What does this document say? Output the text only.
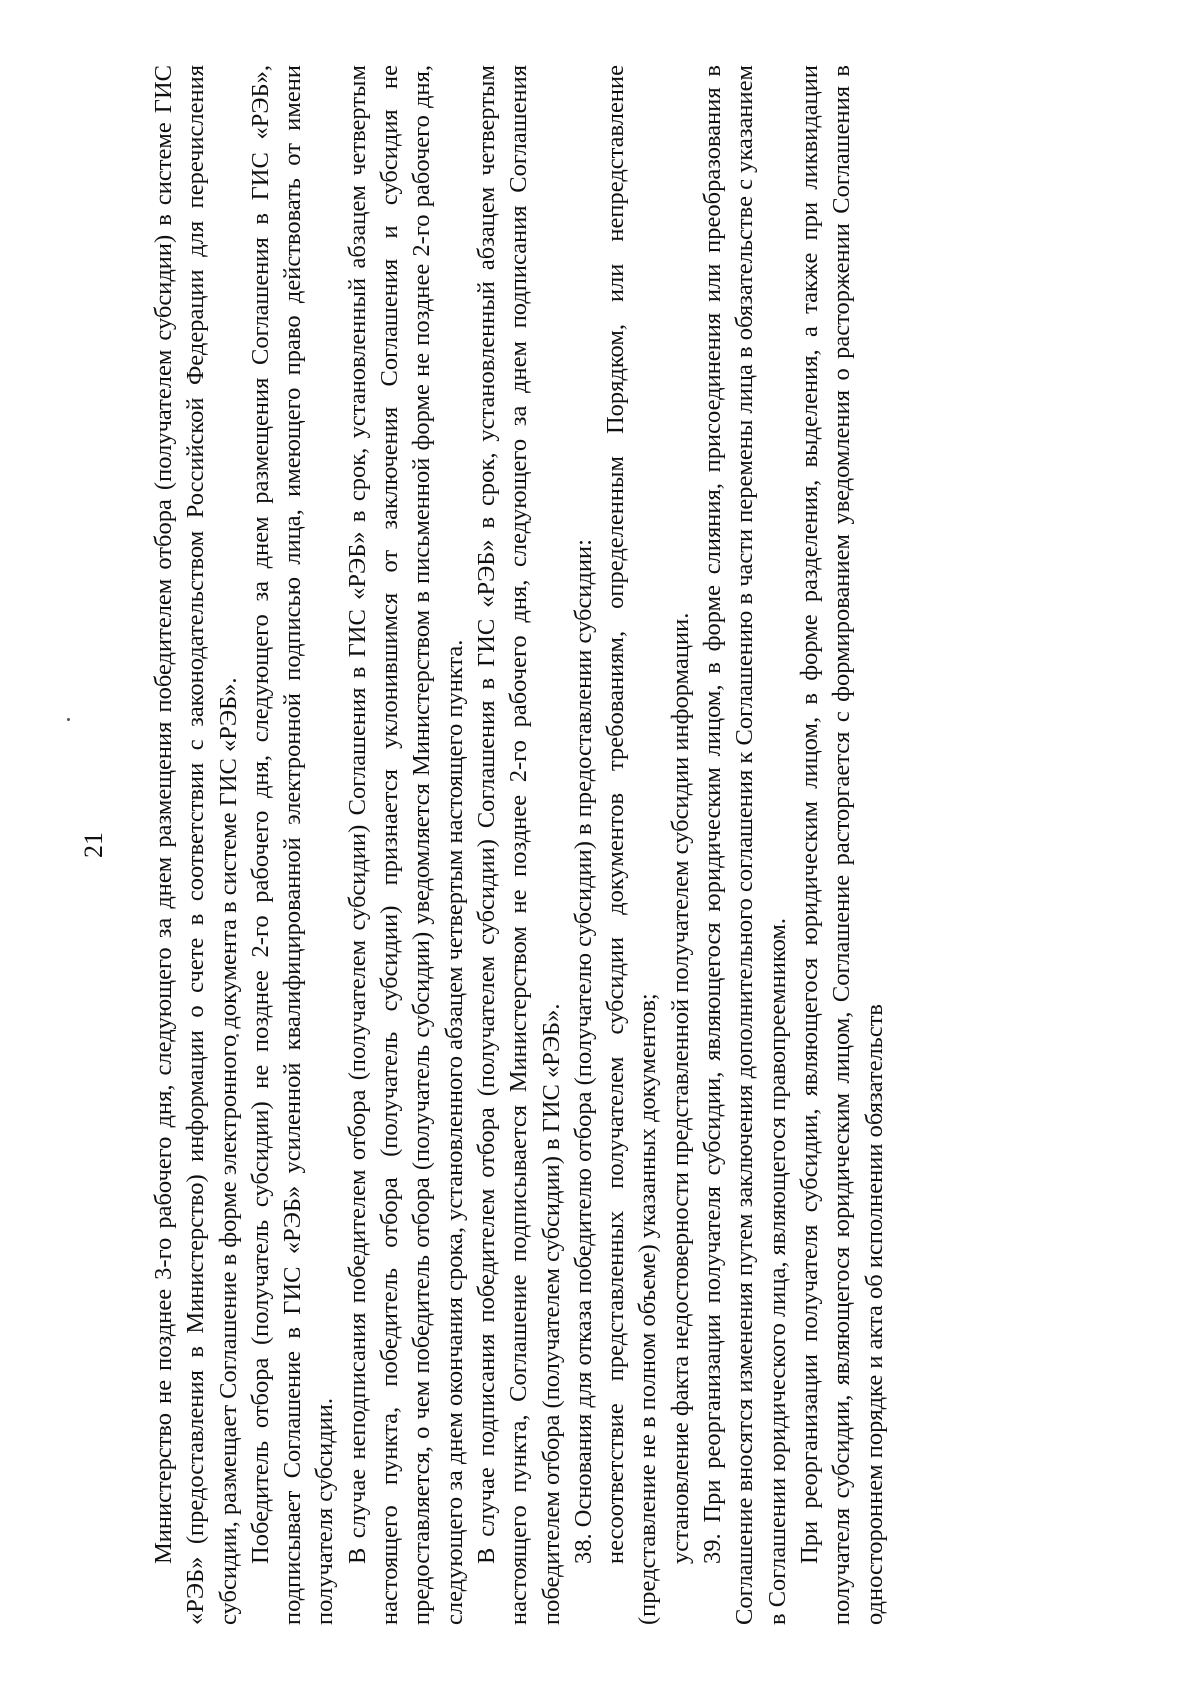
21 Министерство не позднее 3-го рабочего дня, следующего за днем размещения победителем отбора (получателем субсидии) в системе ГИС «РЭБ» (предоставления в Министерство) информации о счете в соответствии с законодательством Российской Федерации для перечисления субсидии, размещает Соглашение в форме электронного документа в системе ГИС «РЭБ». Победитель отбора (получатель субсидии) не позднее 2-го рабочего дня, следующего за днем размещения Соглашения в ГИС «РЭБ», подписывает Соглашение в ГИС «РЭБ» усиленной квалифицированной электронной подписью лица, имеющего право действовать от имени получателя субсидии. В случае неподписания победителем отбора (получателем субсидии) Соглашения в ГИС «РЭБ» в срок, установленный абзацем четвертым настоящего пункта, победитель отбора (получатель субсидии) признается уклонившимся от заключения Соглашения и субсидия не предоставляется, о чем победитель отбора (получатель субсидии) уведомляется Министерством в письменной форме не позднее 2-го рабочего дня, следующего за днем окончания срока, установленного абзацем четвертым настоящего пункта. В случае подписания победителем отбора (получателем субсидии) Соглашения в ГИС «РЭБ» в срок, установленный абзацем четвертым настоящего пункта, Соглашение подписывается Министерством не позднее 2-го рабочего дня, следующего за днем подписания Соглашения победителем отбора (получателем субсидии) в ГИС «РЭБ». 38. Основания для отказа победителю отбора (получателю субсидии) в предоставлении субсидии: несоответствие представленных получателем субсидии документов требованиям, определенным Порядком, или непредставление (представление не в полном объеме) указанных документов; установление факта недостоверности представленной получателем субсидии информации. 39. При реорганизации получателя субсидии, являющегося юридическим лицом, в форме слияния, присоединения или преобразования в Соглашение вносятся изменения путем заключения дополнительного соглашения к Соглашению в части перемены лица в обязательстве с указанием в Соглашении юридического лица, являющегося правопреемником. При реорганизации получателя субсидии, являющегося юридическим лицом, в форме разделения, выделения, а также при ликвидации получателя субсидии, являющегося юридическим лицом, Соглашение расторгается с формированием уведомления о расторжении Соглашения в одностороннем порядке и акта об исполнении обязательств
